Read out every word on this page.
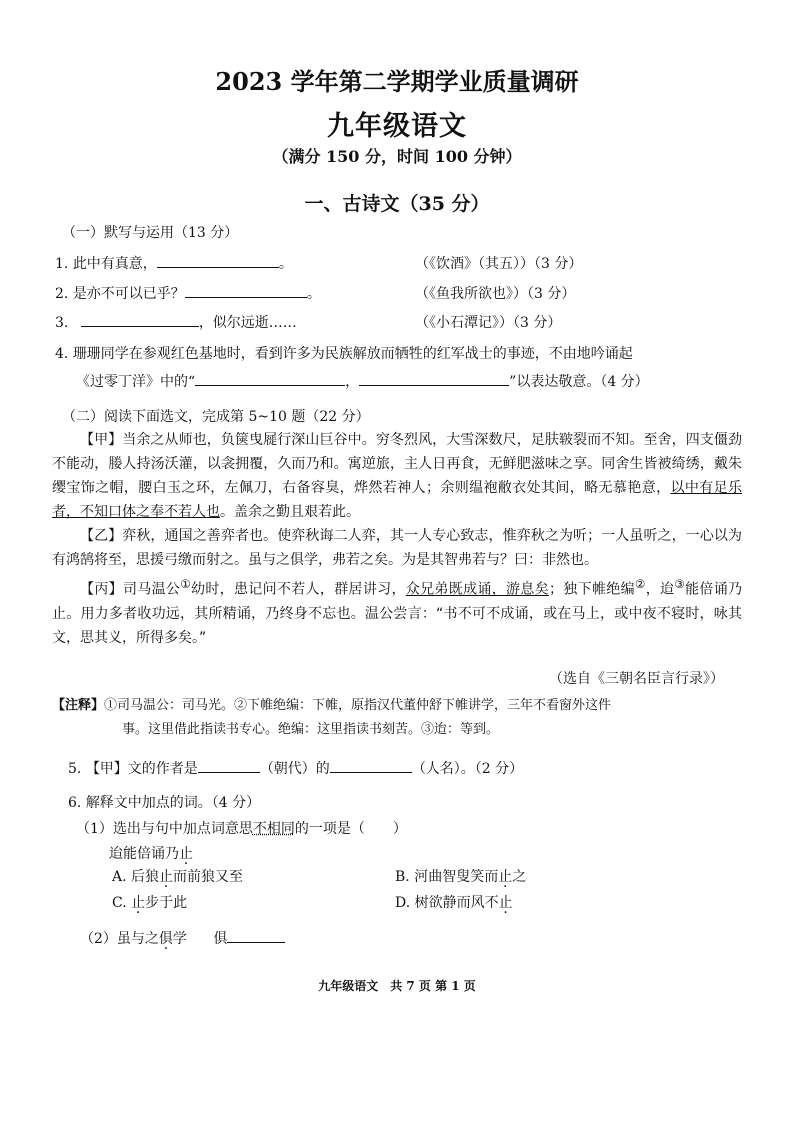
2023 学年第二学期学业质量调研
九年级语文
（满分 150 分，时间 100 分钟）
一、古诗文（35 分）
（一）默写与运用（13 分）
1. 此中有真意，	。	（《饮酒》（其五））（3 分）
2. 是亦不可以已乎？	。	（《鱼我所欲也》）（3 分）
3.	，似尔远逝……	（《小石潭记》）（3 分）
4. 珊珊同学在参观红色基地时，看到许多为民族解放而牺牲的红军战士的事迹，不由地吟诵起
《过零丁洋》中的“	，	”以表达敬意。（4 分）
（二）阅读下面选文，完成第 5~10 题（22 分）

【甲】当余之从师也，负箧曳屣行深山巨谷中。穷冬烈风，大雪深数尺，足肤皲裂而不知。至舍，四支僵劲不能动，媵人持汤沃灌，以衾拥覆，久而乃和。寓逆旅，主人日再食，无鲜肥滋味之享。同舍生皆被绮绣，戴朱缨宝饰之帽，腰白玉之环，左佩刀，右备容臭，烨然若神人；余则缊袍敝衣处其间，略无慕艳意，以中有足乐者，不知口体之奉不若人也。盖余之勤且艰若此。

【乙】弈秋，通国之善弈者也。使弈秋诲二人弈，其一人专心致志，惟弈秋之为听；一人虽听之，一心以为有鸿鹄将至，思援弓缴而射之。虽与之俱学，弗若之矣。为是其智弗若与？曰：非然也。

【丙】司马温公①幼时，患记问不若人，群居讲习，众兄弟既成诵，游息矣；独下帷绝编②，迨③能倍诵乃止。用力多者收功远，其所精诵，乃终身不忘也。温公尝言：“书不可不成诵，或在马上，或中夜不寝时，咏其文，思其义，所得多矣。”

（选自《三朝名臣言行录》）
【注释】①司马温公：司马光。②下帷绝编：下帷，原指汉代董仲舒下帷讲学，三年不看窗外这件
事。这里借此指读书专心。绝编：这里指读书刻苦。③迨：等到。
5. 【甲】文的作者是	（朝代）的	（人名）。（2 分）
6. 解释文中加点的词。（4 分）
（1）选出与句中加点词意思不相同的一项是（　　）
迨能倍诵乃止
A. 后狼止而前狼又至	B. 河曲智叟笑而止之
C. 止步于此	D. 树欲静而风不止
（2）虽与之俱学 俱
九年级语文　共 7 页 第 1 页
